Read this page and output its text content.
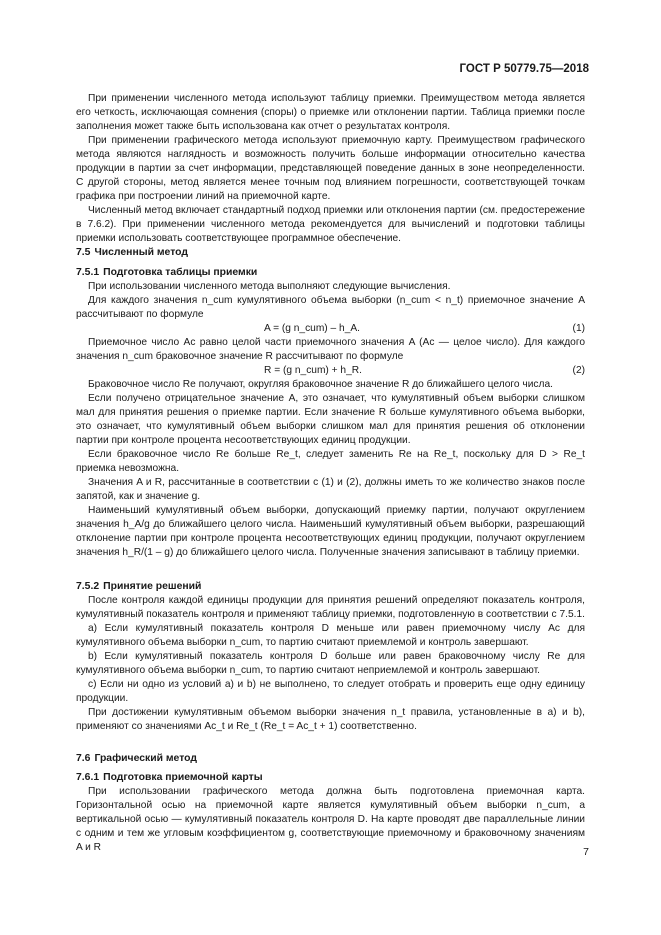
ГОСТ Р 50779.75—2018

При применении численного метода используют таблицу приемки. Преимуществом метода является его четкость, исключающая сомнения (споры) о приемке или отклонении партии. Таблица приемки после заполнения может также быть использована как отчет о результатах контроля.

При применении графического метода используют приемочную карту. Преимуществом графического метода являются наглядность и возможность получить больше информации относительно качества продукции в партии за счет информации, представляющей поведение данных в зоне неопределенности. С другой стороны, метод является менее точным под влиянием погрешности, соответствующей точкам графика при построении линий на приемочной карте.

Численный метод включает стандартный подход приемки или отклонения партии (см. предостережение в 7.6.2). При применении численного метода рекомендуется для вычислений и подготовки таблицы приемки использовать соответствующее программное обеспечение.

7.5 Численный метод

7.5.1 Подготовка таблицы приемки

При использовании численного метода выполняют следующие вычисления.

Для каждого значения n_cum кумулятивного объема выборки (n_cum < n_t) приемочное значение A рассчитывают по формуле

A = (g n_cum) – h_A.	(1)

Приемочное число Ac равно целой части приемочного значения A (Ac — целое число). Для каждого значения n_cum браковочное значение R рассчитывают по формуле

R = (g n_cum) + h_R.	(2)

Браковочное число Re получают, округляя браковочное значение R до ближайшего целого числа.

Если получено отрицательное значение A, это означает, что кумулятивный объем выборки слишком мал для принятия решения о приемке партии. Если значение R больше кумулятивного объема выборки, это означает, что кумулятивный объем выборки слишком мал для принятия решения об отклонении партии при контроле процента несоответствующих единиц продукции.

Если браковочное число Re больше Re_t, следует заменить Re на Re_t, поскольку для D > Re_t приемка невозможна.

Значения A и R, рассчитанные в соответствии с (1) и (2), должны иметь то же количество знаков после запятой, как и значение g.

Наименьший кумулятивный объем выборки, допускающий приемку партии, получают округлением значения h_A/g до ближайшего целого числа. Наименьший кумулятивный объем выборки, разрешающий отклонение партии при контроле процента несоответствующих единиц продукции, получают округлением значения h_R/(1 – g) до ближайшего целого числа. Полученные значения записывают в таблицу приемки.

7.5.2 Принятие решений

После контроля каждой единицы продукции для принятия решений определяют показатель контроля, кумулятивный показатель контроля и применяют таблицу приемки, подготовленную в соответствии с 7.5.1.

а) Если кумулятивный показатель контроля D меньше или равен приемочному числу Ac для кумулятивного объема выборки n_cum, то партию считают приемлемой и контроль завершают.

b) Если кумулятивный показатель контроля D больше или равен браковочному числу Re для кумулятивного объема выборки n_cum, то партию считают неприемлемой и контроль завершают.

с) Если ни одно из условий а) и b) не выполнено, то следует отобрать и проверить еще одну единицу продукции.

При достижении кумулятивным объемом выборки значения n_t правила, установленные в а) и b), применяют со значениями Ac_t и Re_t (Re_t = Ac_t + 1) соответственно.

7.6 Графический метод

7.6.1 Подготовка приемочной карты

При использовании графического метода должна быть подготовлена приемочная карта. Горизонтальной осью на приемочной карте является кумулятивный объем выборки n_cum, а вертикальной осью — кумулятивный показатель контроля D. На карте проводят две параллельные линии с одним и тем же угловым коэффициентом g, соответствующие приемочному и браковочному значениям A и R	7
